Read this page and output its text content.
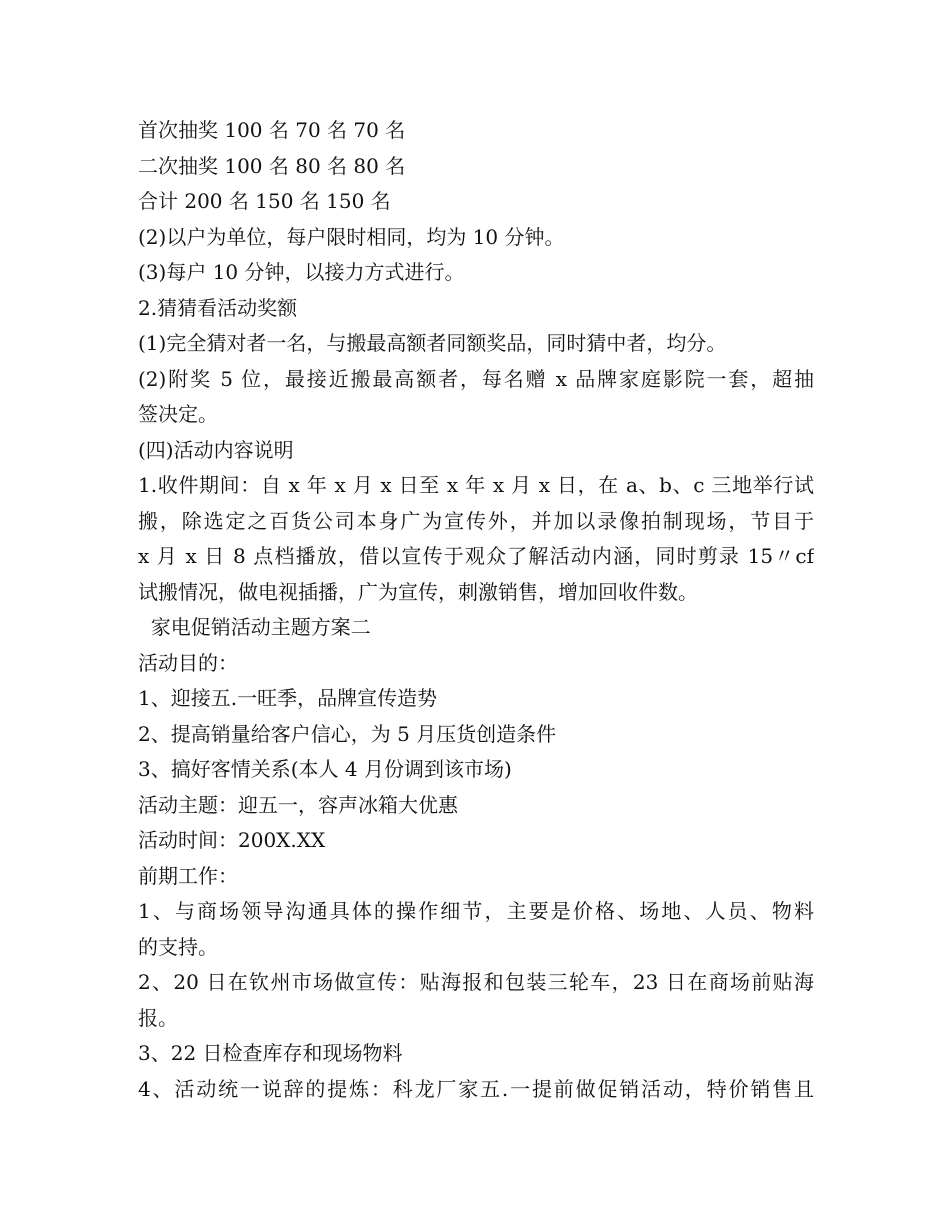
首次抽奖 100 名 70 名 70 名
二次抽奖 100 名 80 名 80 名
合计 200 名 150 名 150 名
(2)以户为单位，每户限时相同，均为 10 分钟。
(3)每户 10 分钟，以接力方式进行。
2.猜猜看活动奖额
(1)完全猜对者一名，与搬最高额者同额奖品，同时猜中者，均分。
(2)附奖 5 位，最接近搬最高额者，每名赠 x 品牌家庭影院一套，超抽
签决定。
(四)活动内容说明
1.收件期间：自 x 年 x 月 x 日至 x 年 x 月 x 日，在 a、b、c 三地举行试
搬，除选定之百货公司本身广为宣传外，并加以录像拍制现场，节目于
x 月 x 日 8 点档播放，借以宣传于观众了解活动内涵，同时剪录 15〃cf
试搬情况，做电视插播，广为宣传，刺激销售，增加回收件数。
家电促销活动主题方案二
活动目的：
1、迎接五.一旺季，品牌宣传造势
2、提高销量给客户信心，为 5 月压货创造条件
3、搞好客情关系(本人 4 月份调到该市场)
活动主题：迎五一，容声冰箱大优惠
活动时间：200X.XX
前期工作：
1、与商场领导沟通具体的操作细节，主要是价格、场地、人员、物料
的支持。
2、20 日在钦州市场做宣传：贴海报和包装三轮车，23 日在商场前贴海
报。
3、22 日检查库存和现场物料
4、活动统一说辞的提炼：科龙厂家五.一提前做促销活动，特价销售且
